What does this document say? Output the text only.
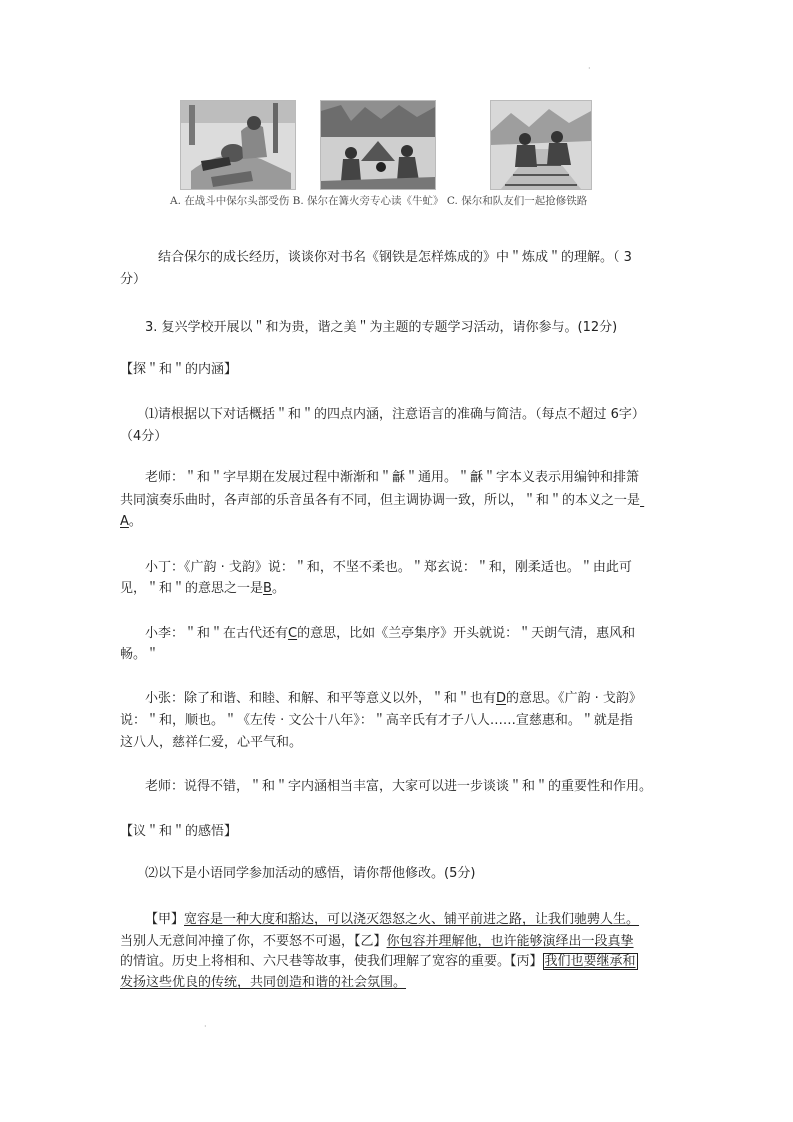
·
·
A. 在战斗中保尔头部受伤 B. 保尔在篝火旁专心读《牛虻》 C. 保尔和队友们一起抢修铁路
结合保尔的成长经历，谈谈你对书名《钢铁是怎样炼成的》中＂炼成＂的理解。（ 3
分）
3. 复兴学校开展以＂和为贵，谐之美＂为主题的专题学习活动，请你参与。(12分)
【探＂和＂的内涵】
⑴请根据以下对话概括＂和＂的四点内涵，注意语言的准确与简洁。（每点不超过 6字）
（4分）
老师：＂和＂字早期在发展过程中渐渐和＂龢＂通用。＂龢＂字本义表示用编钟和排箫
共同演奏乐曲时，各声部的乐音虽各有不同，但主调协调一致，所以，＂和＂的本义之一是
A。
小丁：《广韵 · 戈韵》说：＂和，不坚不柔也。＂郑玄说：＂和，刚柔适也。＂由此可
见，＂和＂的意思之一是B。
小李：＂和＂在古代还有C的意思，比如《兰亭集序》开头就说：＂天朗气清，惠风和
畅。＂
小张：除了和谐、和睦、和解、和平等意义以外，＂和＂也有D的意思。《广韵 · 戈韵》
说：＂和，顺也。＂《左传 · 文公十八年》：＂高辛氏有才子八人……宣慈惠和。＂就是指
这八人，慈祥仁爱，心平气和。
老师：说得不错，＂和＂字内涵相当丰富，大家可以进一步谈谈＂和＂的重要性和作用。
【议＂和＂的感悟】
⑵以下是小语同学参加活动的感悟，请你帮他修改。(5分)
【甲】宽容是一种大度和豁达，可以浇灭怨怒之火、铺平前进之路，让我们驰骋人生。
当别人无意间冲撞了你，不要怒不可遏，【乙】你包容并理解他，也许能够演绎出一段真挚
的情谊。历史上将相和、六尺巷等故事，使我们理解了宽容的重要。【丙】 我们也要继承和
发扬这些优良的传统，共同创造和谐的社会氛围。
